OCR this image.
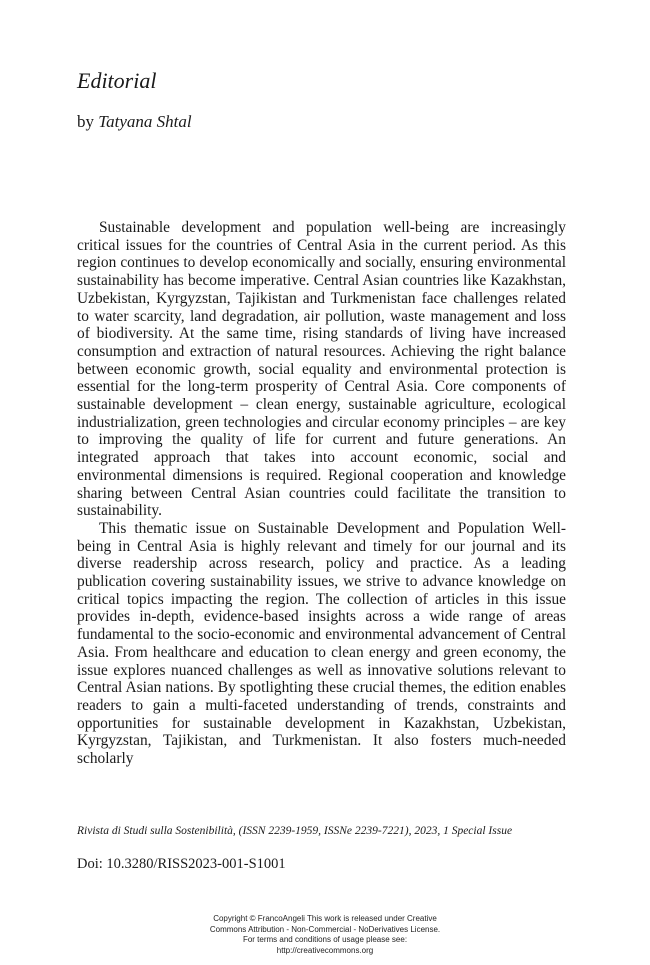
Editorial
by Tatyana Shtal

Sustainable development and population well-being are increasingly critical issues for the countries of Central Asia in the current period. As this region continues to develop economically and socially, ensuring environmental sustainability has become imperative. Central Asian countries like Kazakhstan, Uzbekistan, Kyrgyzstan, Tajikistan and Turkmenistan face challenges related to water scarcity, land degradation, air pollution, waste management and loss of biodiversity. At the same time, rising standards of living have increased consumption and extraction of natural resources. Achieving the right balance between economic growth, social equality and environmental protection is essential for the long-term prosperity of Central Asia. Core components of sustainable development – clean energy, sustainable agriculture, ecological industrialization, green technologies and circular economy principles – are key to improving the quality of life for current and future generations. An integrated approach that takes into account economic, social and environmental dimensions is required. Regional cooperation and knowledge sharing between Central Asian countries could facilitate the transition to sustainability.

This thematic issue on Sustainable Development and Population Well-being in Central Asia is highly relevant and timely for our journal and its diverse readership across research, policy and practice. As a leading publication covering sustainability issues, we strive to advance knowledge on critical topics impacting the region. The collection of articles in this issue provides in-depth, evidence-based insights across a wide range of areas fundamental to the socio-economic and environmental advancement of Central Asia. From healthcare and education to clean energy and green economy, the issue explores nuanced challenges as well as innovative solutions relevant to Central Asian nations. By spotlighting these crucial themes, the edition enables readers to gain a multi-faceted understanding of trends, constraints and opportunities for sustainable development in Kazakhstan, Uzbekistan, Kyrgyzstan, Tajikistan, and Turkmenistan. It also fosters much-needed scholarly

Rivista di Studi sulla Sostenibilità, (ISSN 2239-1959, ISSNe 2239-7221), 2023, 1 Special Issue
Doi: 10.3280/RISS2023-001-S1001
Copyright © FrancoAngeli This work is released under Creative
Commons Attribution - Non-Commercial - NoDerivatives License.
For terms and conditions of usage please see:
http://creativecommons.org
